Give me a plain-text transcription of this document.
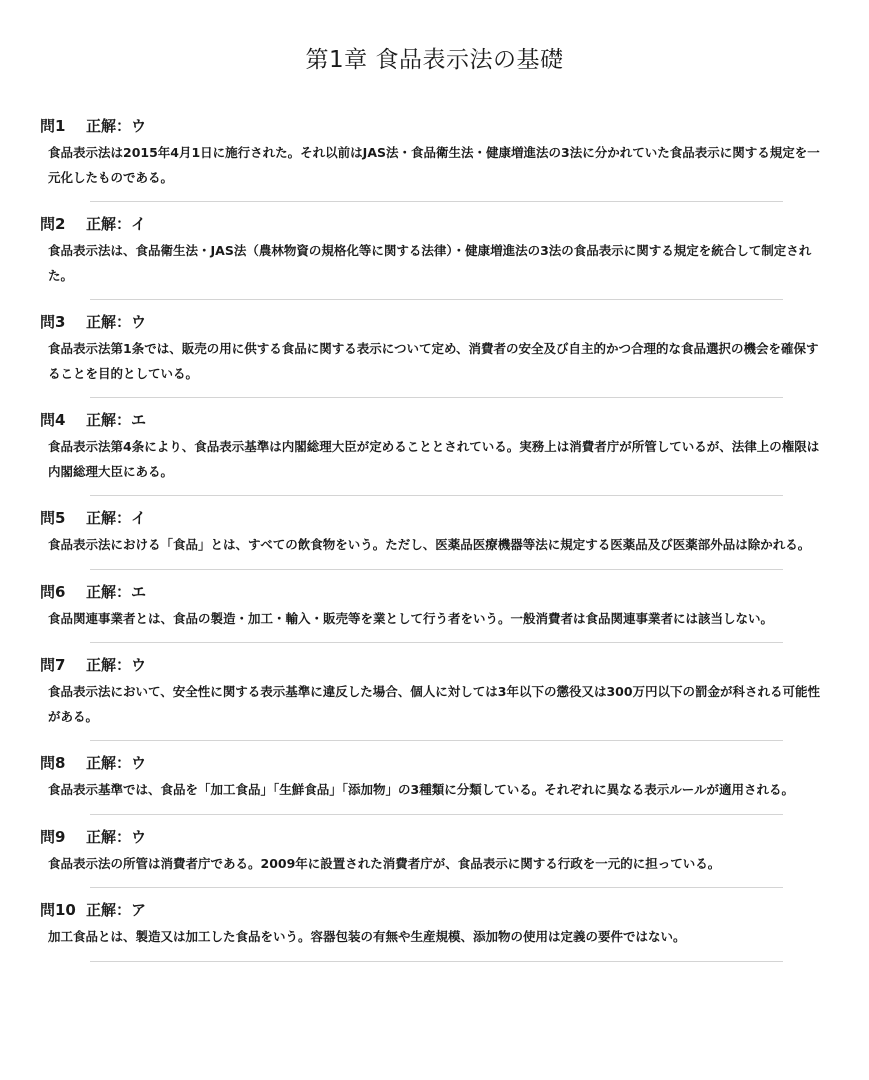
第1章 食品表示法の基礎
問1 正解：ウ
食品表示法は2015年4月1日に施行された。それ以前はJAS法・食品衛生法・健康増進法の3法に分かれていた食品表示に関する規定を一元化したものである。
問2 正解：イ
食品表示法は、食品衛生法・JAS法（農林物資の規格化等に関する法律）・健康増進法の3法の食品表示に関する規定を統合して制定された。
問3 正解：ウ
食品表示法第1条では、販売の用に供する食品に関する表示について定め、消費者の安全及び自主的かつ合理的な食品選択の機会を確保することを目的としている。
問4 正解：エ
食品表示法第4条により、食品表示基準は内閣総理大臣が定めることとされている。実務上は消費者庁が所管しているが、法律上の権限は内閣総理大臣にある。
問5 正解：イ
食品表示法における「食品」とは、すべての飲食物をいう。ただし、医薬品医療機器等法に規定する医薬品及び医薬部外品は除かれる。
問6 正解：エ
食品関連事業者とは、食品の製造・加工・輸入・販売等を業として行う者をいう。一般消費者は食品関連事業者には該当しない。
問7 正解：ウ
食品表示法において、安全性に関する表示基準に違反した場合、個人に対しては3年以下の懲役又は300万円以下の罰金が科される可能性がある。
問8 正解：ウ
食品表示基準では、食品を「加工食品」「生鮮食品」「添加物」の3種類に分類している。それぞれに異なる表示ルールが適用される。
問9 正解：ウ
食品表示法の所管は消費者庁である。2009年に設置された消費者庁が、食品表示に関する行政を一元的に担っている。
問10 正解：ア
加工食品とは、製造又は加工した食品をいう。容器包装の有無や生産規模、添加物の使用は定義の要件ではない。
